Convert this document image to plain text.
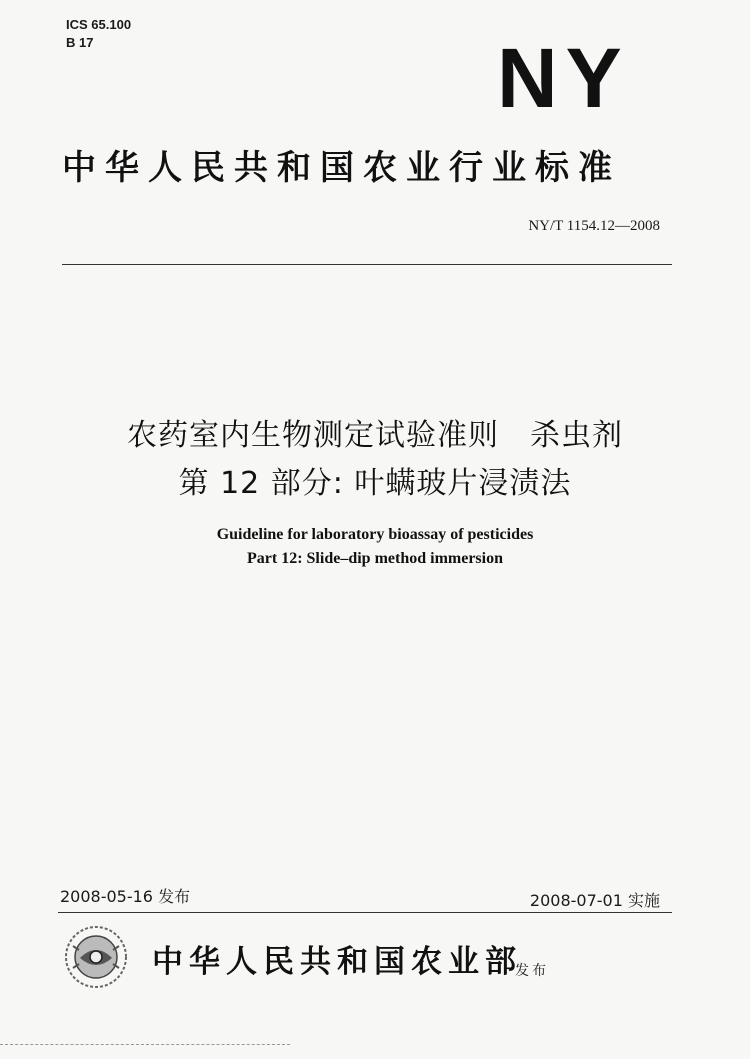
ICS 65.100
B 17	NY
中华人民共和国农业行业标准
NY/T 1154.12—2008
农药室内生物测定试验准则　杀虫剂
第 12 部分: 叶螨玻片浸渍法
Guideline for laboratory bioassay of pesticides
Part 12: Slide–dip method immersion
2008-05-16 发布	2008-07-01 实施
中华人民共和国农业部
发布
